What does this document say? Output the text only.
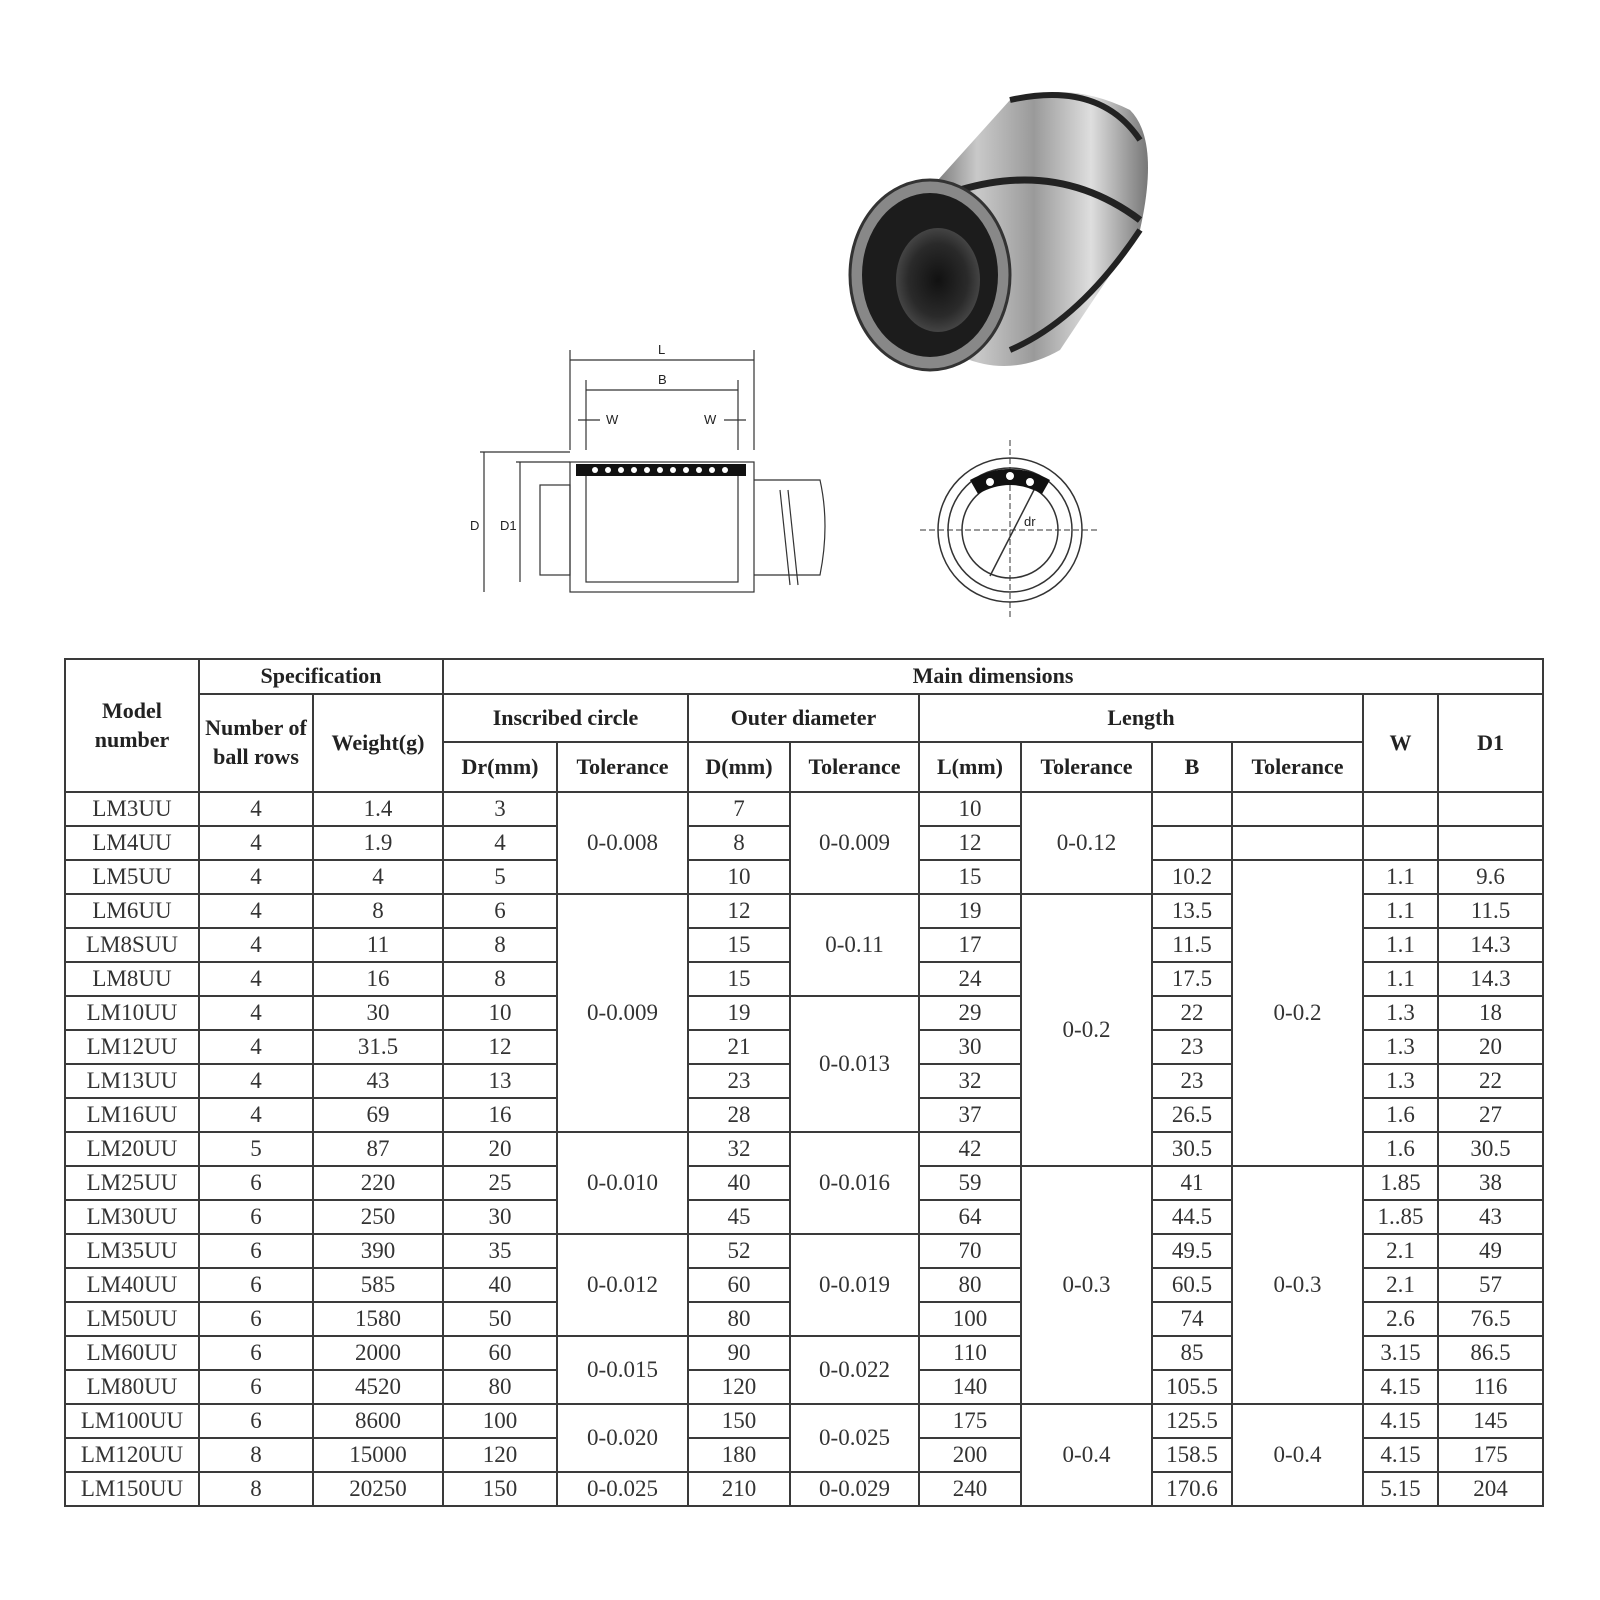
L
B
W	W
D D1	dr
Model number	Specification		Main dimensions									
	Number of ball rows	Weight(g)	Inscribed circle		Outer diameter		Length				W	D1
			Dr(mm)	Tolerance	D(mm)	Tolerance	L(mm)	Tolerance	B	Tolerance		
LM3UU	4	1.4	3	0-0.008	7	0-0.009	10	0-0.12				
LM4UU	4	1.9	4		8		12					
LM5UU	4	4	5		10		15		10.2	0-0.2	1.1	9.6
LM6UU	4	8	6	0-0.009	12	0-0.11	19	0-0.2	13.5		1.1	11.5
LM8SUU	4	11	8		15		17		11.5		1.1	14.3
LM8UU	4	16	8		15		24		17.5		1.1	14.3
LM10UU	4	30	10		19	0-0.013	29		22		1.3	18
LM12UU	4	31.5	12		21		30		23		1.3	20
LM13UU	4	43	13		23		32		23		1.3	22
LM16UU	4	69	16		28		37		26.5		1.6	27
LM20UU	5	87	20	0-0.010	32	0-0.016	42		30.5		1.6	30.5
LM25UU	6	220	25		40		59	0-0.3	41	0-0.3	1.85	38
LM30UU	6	250	30		45		64		44.5		1..85	43
LM35UU	6	390	35	0-0.012	52	0-0.019	70		49.5		2.1	49
LM40UU	6	585	40		60		80		60.5		2.1	57
LM50UU	6	1580	50		80		100		74		2.6	76.5
LM60UU	6	2000	60	0-0.015	90	0-0.022	110		85		3.15	86.5
LM80UU	6	4520	80		120		140		105.5		4.15	116
LM100UU	6	8600	100	0-0.020	150	0-0.025	175	0-0.4	125.5	0-0.4	4.15	145
LM120UU	8	15000	120		180		200		158.5		4.15	175
LM150UU	8	20250	150	0-0.025	210	0-0.029	240		170.6		5.15	204
